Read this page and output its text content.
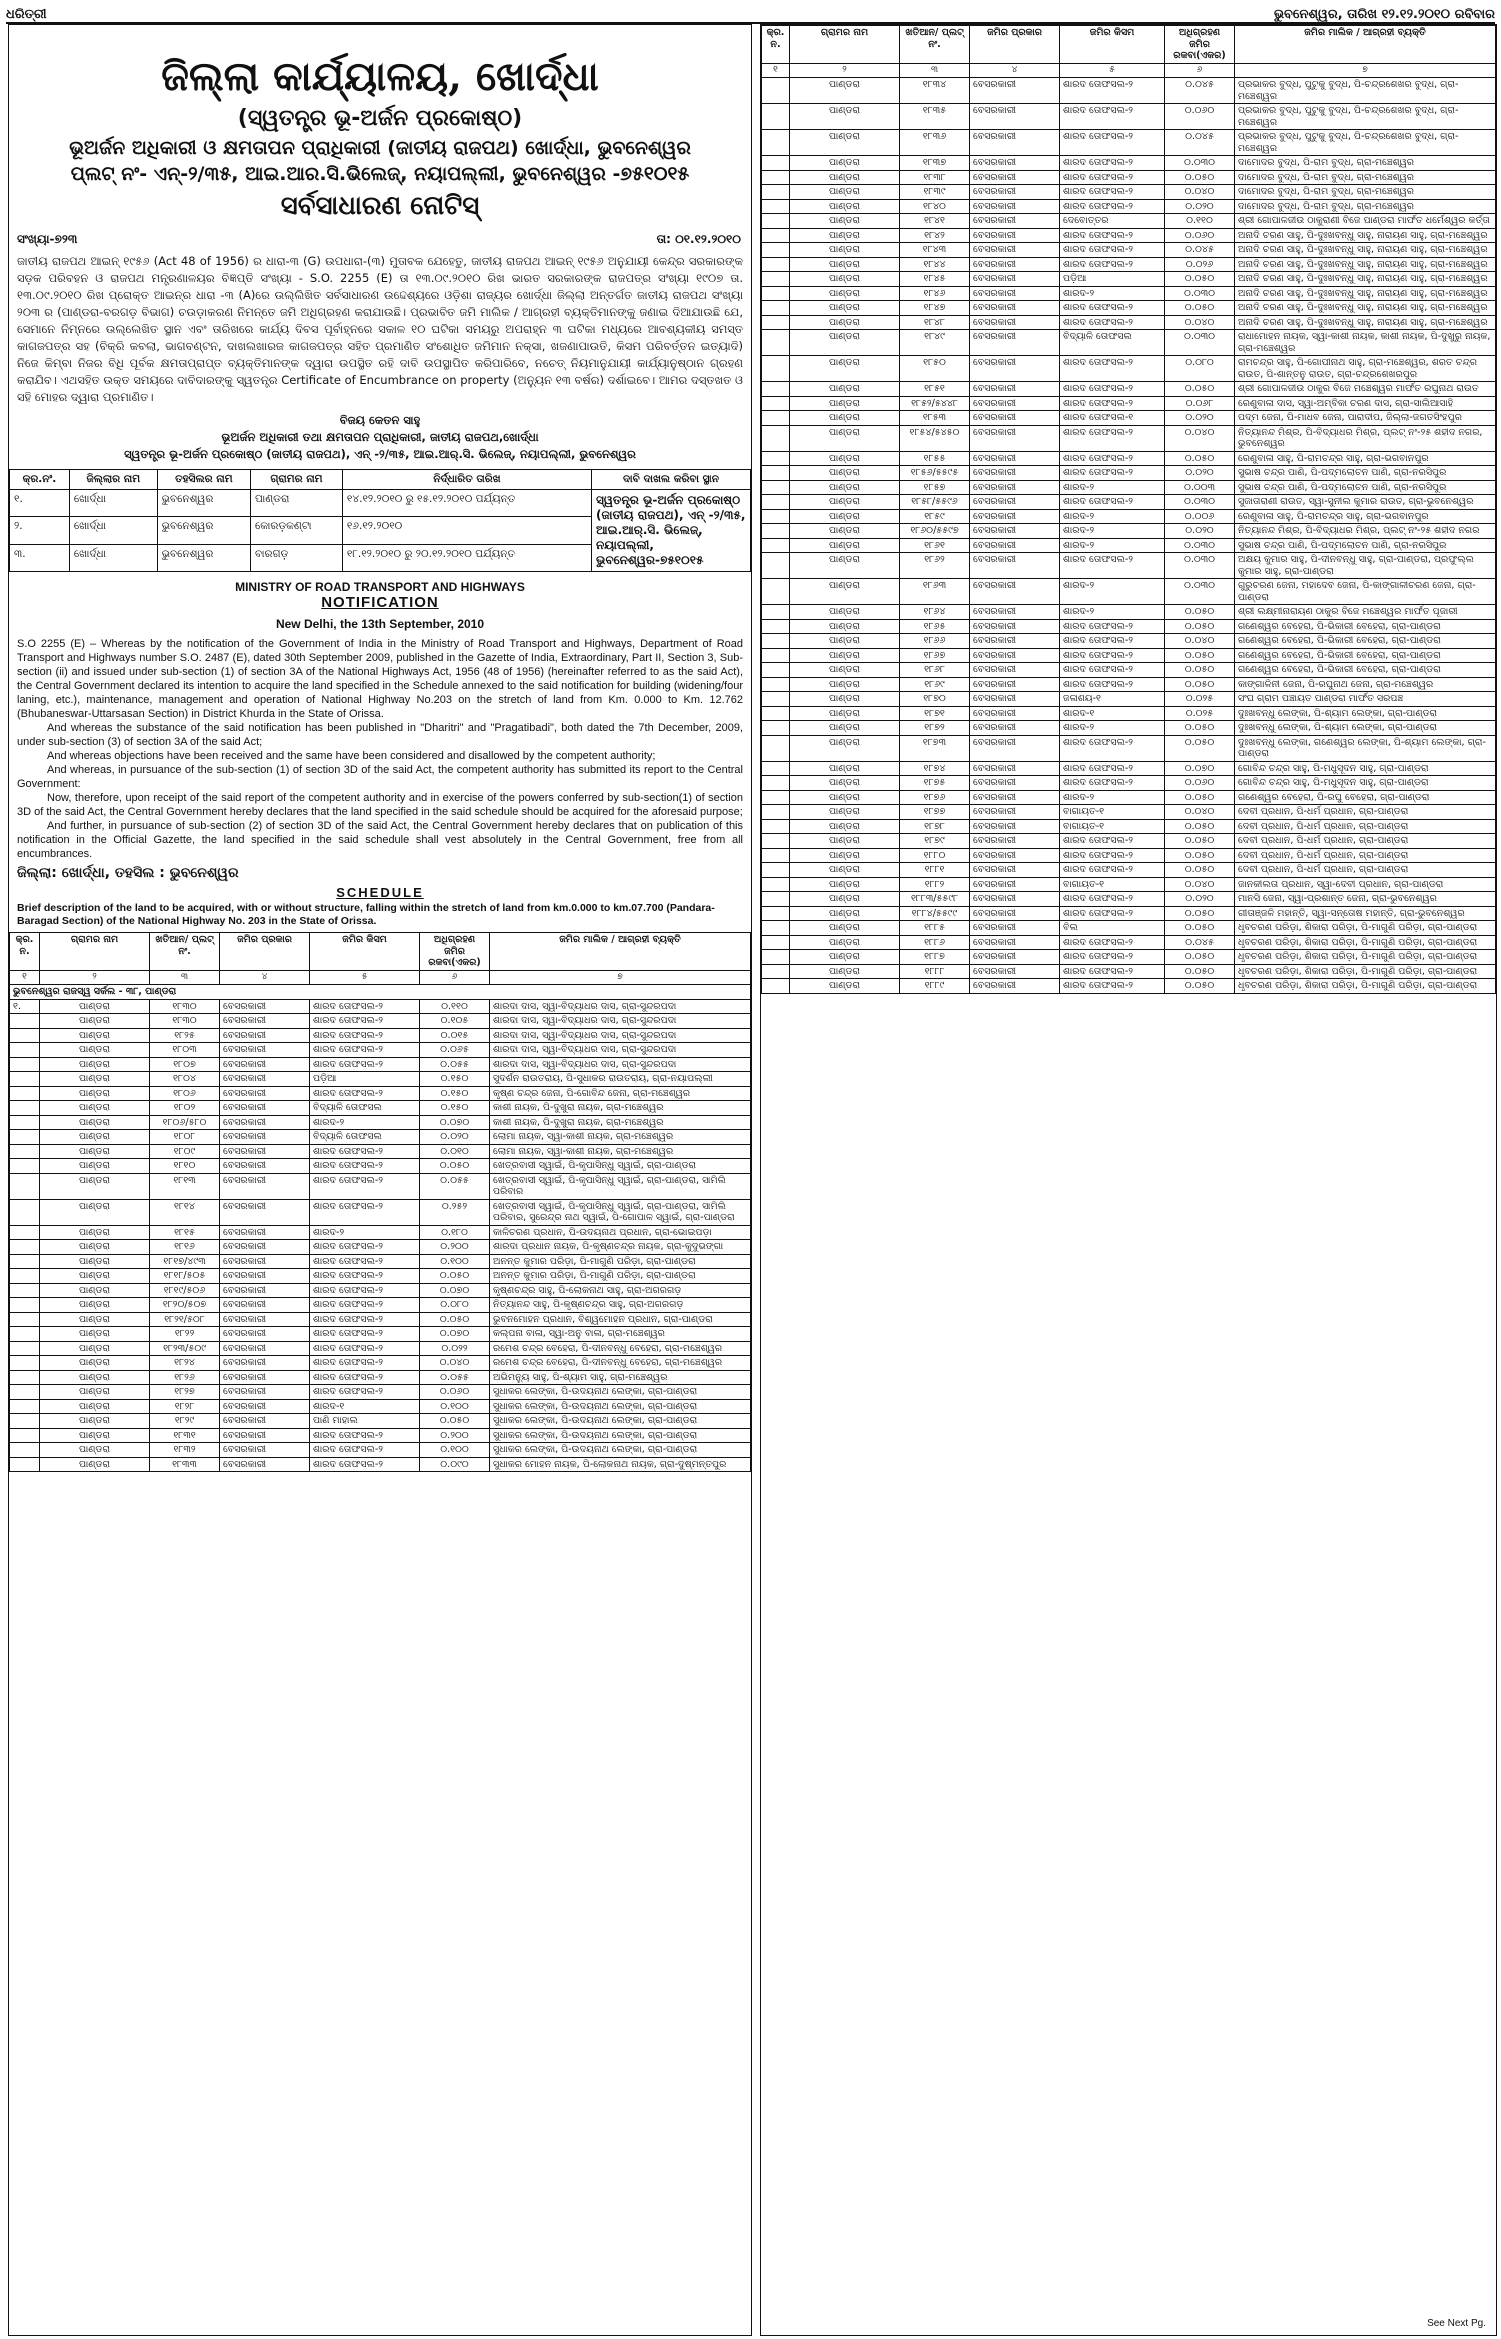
ଧରିତ୍ରୀ	ଭୁବନେଶ୍ୱର, ତାରିଖ ୧୨.୧୨.୨୦୧୦ ରବିବାର
ଜିଲ୍ଲା କାର୍ଯ୍ୟାଳୟ, ଖୋର୍ଦ୍ଧା
(ସ୍ୱତନ୍ତ୍ର ଭୂ-ଅର୍ଜନ ପ୍ରକୋଷ୍ଠ)
ଭୂଅର୍ଜନ ଅଧିକାରୀ ଓ କ୍ଷମତାପନ ପ୍ରାଧିକାରୀ (ଜାତୀୟ ରାଜପଥ) ଖୋର୍ଦ୍ଧା, ଭୁବନେଶ୍ୱର
ପ୍ଲଟ୍ ନଂ- ଏନ୍-୨/୩୫, ଆଇ.ଆର.ସି.ଭିଲେଜ୍, ନୟାପଲ୍ଲୀ, ଭୁବନେଶ୍ୱର -୭୫୧୦୧୫
ସର୍ବସାଧାରଣ ନୋଟିସ୍
ସଂଖ୍ୟା-୭୨୩	ତା: ୦୧.୧୨.୨୦୧୦
ଜାତୀୟ ରାଜପଥ ଆଇନ୍ ୧୯୫୬ (Act 48 of 1956) ର ଧାରା-୩ (G) ଉପଧାରା-(୩) ମୁତାବକ ଯେହେତୁ, ଜାତୀୟ ରାଜପଥ ଆଇନ୍ ୧୯୫୬ ଅନୁଯାୟୀ କେନ୍ଦ୍ର ସରକାରଙ୍କ ସଡ଼କ ପରିବହନ ଓ ରାଜପଥ ମନ୍ତ୍ରଣାଳୟର ବିଜ୍ଞପ୍ତି ସଂଖ୍ୟା - S.O. 2255 (E) ତା ୧୩.୦୯.୨୦୧୦ ରିଖ ଭାରତ ସରକାରଙ୍କ ରାଜପତ୍ର ସଂଖ୍ୟା ୧୯୦୭ ତା. ୧୩.୦୯.୨୦୧୦ ରିଖ ପ୍ରୋକ୍ତ ଆଇନ୍‌ର ଧାରା -୩ (A)ରେ ଉଲ୍ଲିଖିତ ସର୍ବସାଧାରଣ ଉଦ୍ଦେଶ୍ୟରେ ଓଡ଼ିଶା ରାଜ୍ୟର ଖୋର୍ଦ୍ଧା ଜିଲ୍ଲା ଅନ୍ତର୍ଗତ ଜାତୀୟ ରାଜପଥ ସଂଖ୍ୟା ୨୦୩ ର (ପାଣ୍ଡରା-ବରଗଡ଼ ବିଭାଗ) ଚଉଡ଼ାକରଣ ନିମନ୍ତେ ଜମି ଅଧିଗ୍ରହଣ କରାଯାଉଛି। ପ୍ରଭାବିତ ଜମି ମାଲିକ / ଆଗ୍ରହୀ ବ୍ୟକ୍ତିମାନଙ୍କୁ ଜଣାଇ ଦିଆଯାଉଛି ଯେ, ସେମାନେ ନିମ୍ନରେ ଉଲ୍ଲେଖିତ ସ୍ଥାନ ଏବଂ ତାରିଖରେ କାର୍ଯ୍ୟ ଦିବସ ପୂର୍ବାହ୍ନରେ ସକାଳ ୧୦ ଘଟିକା ସମୟରୁ ଅପରାହ୍ନ ୩ ଘଟିକା ମଧ୍ୟରେ ଆବଶ୍ୟକୀୟ ସମସ୍ତ କାଗଜପତ୍ର ସହ (ବିକ୍ରି କବଲା, ଭାଗବଣ୍ଟନ, ଦାଖଲଖାରଜ କାଗଜପତ୍ର ସହିତ ପ୍ରମାଣିତ ସଂଶୋଧିତ ଜମିମାନ ନକ୍ସା, ଖଜଣାପାଉତି, କିସମ ପରିବର୍ତ୍ତନ ଇତ୍ୟାଦି) ନିଜେ କିମ୍ବା ନିଜର ବିଧି ପୂର୍ବକ କ୍ଷମତାପ୍ରାପ୍ତ ବ୍ୟକ୍ତିମାନଙ୍କ ଦ୍ୱାରା ଉପସ୍ଥିତ ରହି ଦାବି ଉପସ୍ଥାପିତ କରିପାରିବେ, ନଚେତ୍ ନିୟମାନୁଯାୟୀ କାର୍ଯ୍ୟାନୁଷ୍ଠାନ ଗ୍ରହଣ କରାଯିବ। ଏଥସହିତ ଉକ୍ତ ସମୟରେ ଦାବିଦାରଙ୍କୁ ସ୍ୱତନ୍ତ୍ର Certificate of Encumbrance on property (ଅନ୍ୟୁନ ୧୩ ବର୍ଷର) ଦର୍ଶାଇବେ। ଆମର ଦସ୍ତଖତ ଓ ସହି ମୋହର ଦ୍ୱାରା ପ୍ରମାଣିତ।
ବିଜୟ କେତନ ସାହୁ
ଭୂଅର୍ଜନ ଅଧିକାରୀ ତଥା କ୍ଷମତାପନ ପ୍ରାଧିକାରୀ, ଜାତୀୟ ରାଜପଥ,ଖୋର୍ଦ୍ଧା
ସ୍ୱତନ୍ତ୍ର ଭୂ-ଅର୍ଜନ ପ୍ରକୋଷ୍ଠ (ଜାତୀୟ ରାଜପଥ), ଏନ୍ -୨/୩୫, ଆଇ.ଆର୍.ସି. ଭିଲେଜ୍, ନୟାପଲ୍ଲୀ, ଭୁବନେଶ୍ୱର
କ୍ର.ନଂ.	ଜିଲ୍ଲାର ନାମ	ତହସିଲର ନାମ	ଗ୍ରାମର ନାମ	ନିର୍ଦ୍ଧାରିତ ତାରିଖ	ଦାବି ଦାଖଲ କରିବା ସ୍ଥାନ
୧.	ଖୋର୍ଦ୍ଧା	ଭୁବନେଶ୍ୱର	ପାଣ୍ଡରା	୧୪.୧୨.୨୦୧୦ ରୁ ୧୫.୧୨.୨୦୧୦ ପର୍ଯ୍ୟନ୍ତ	ସ୍ୱତନ୍ତ୍ର ଭୂ-ଅର୍ଜନ ପ୍ରକୋଷ୍ଠ (ଜାତୀୟ ରାଜପଥ), ଏନ୍ -୨/୩୫, ଆଇ.ଆର୍.ସି. ଭିଲେଜ୍, ନୟାପଲ୍ଲୀ, ଭୁବନେଶ୍ୱର-୭୫୧୦୧୫
୨.	ଖୋର୍ଦ୍ଧା	ଭୁବନେଶ୍ୱର	କୋରଡ଼କଣ୍ଟା	୧୬.୧୨.୨୦୧୦	
୩.	ଖୋର୍ଦ୍ଧା	ଭୁବନେଶ୍ୱର	ବାରଗଡ଼	୧୮.୧୨.୨୦୧୦ ରୁ ୨୦.୧୨.୨୦୧୦ ପର୍ଯ୍ୟନ୍ତ	
MINISTRY OF ROAD TRANSPORT AND HIGHWAYS
NOTIFICATION
New Delhi, the 13th September, 2010

S.O 2255 (E) – Whereas by the notification of the Government of India in the Ministry of Road Transport and Highways, Department of Road Transport and Highways number S.O. 2487 (E), dated 30th September 2009, published in the Gazette of India, Extraordinary, Part II, Section 3, Sub-section (ii) and issued under sub-section (1) of section 3A of the National Highways Act, 1956 (48 of 1956) (hereinafter referred to as the said Act), the Central Government declared its intention to acquire the land specified in the Schedule annexed to the said notification for building (widening/four laning, etc.), maintenance, management and operation of National Highway No.203 on the stretch of land from Km. 0.000 to Km. 12.762 (Bhubaneswar-Uttarsasan Section) in District Khurda in the State of Orissa.

And whereas the substance of the said notification has been published in "Dharitri" and "Pragatibadi", both dated the 7th December, 2009, under sub-section (3) of section 3A of the said Act;

And whereas objections have been received and the same have been considered and disallowed by the competent authority;

And whereas, in pursuance of the sub-section (1) of section 3D of the said Act, the competent authority has submitted its report to the Central Government:

Now, therefore, upon receipt of the said report of the competent authority and in exercise of the powers conferred by sub-section(1) of section 3D of the said Act, the Central Government hereby declares that the land specified in the said schedule should be acquired for the aforesaid purpose;

And further, in pursuance of sub-section (2) of section 3D of the said Act, the Central Government hereby declares that on publication of this notification in the Official Gazette, the land specified in the said schedule shall vest absolutely in the Central Government, free from all encumbrances.

ଜିଲ୍ଲା: ଖୋର୍ଦ୍ଧା, ତହସିଲ : ଭୁବନେଶ୍ୱର
SCHEDULE
Brief description of the land to be acquired, with or without structure, falling within the stretch of land from km.0.000 to km.07.700 (Pandara-Baragad Section) of the National Highway No. 203 in the State of Orissa.
କ୍ର. ନ.	ଗ୍ରାମର ନାମ	ଖତିଆନ/ ପ୍ଲଟ୍ ନଂ.	ଜମିର ପ୍ରକାର	ଜମିର କିସମ	ଅଧିଗ୍ରହଣ ଜମିର ରକବା(ଏକର)	ଜମିର ମାଲିକ / ଆଗ୍ରହୀ ବ୍ୟକ୍ତି
୧	୨	୩	୪	୫	୬	୭
ଭୁବନେଶ୍ୱର ରାଜସ୍ୱ ସର୍କଲ - ୩୮, ପାଣ୍ଡରା						
୧.	ପାଣ୍ଡରା	୧୮୩୦	ବେସରକାରୀ	ଶାରଦ ତୋଫସଲ-୨	୦.୧୧୦	ଶାରଦା ଦାସ, ସ୍ୱା-ବିଦ୍ୟାଧର ଦାସ, ଗ୍ରା-ସୁନ୍ଦରପଦା
	ପାଣ୍ଡରା	୧୮୩୦	ବେସରକାରୀ	ଶାରଦ ତୋଫସଲ-୨	୦.୧୦୫	ଶାରଦା ଦାସ, ସ୍ୱା-ବିଦ୍ୟାଧର ଦାସ, ଗ୍ରା-ସୁନ୍ଦରପଦା
	ପାଣ୍ଡରା	୧୮୨୫	ବେସରକାରୀ	ଶାରଦ ତୋଫସଲ-୨	୦.୦୧୫	ଶାରଦା ଦାସ, ସ୍ୱା-ବିଦ୍ୟାଧର ଦାସ, ଗ୍ରା-ସୁନ୍ଦରପଦା
	ପାଣ୍ଡରା	୧୮୦୩	ବେସରକାରୀ	ଶାରଦ ତୋଫସଲ-୨	୦.୦୬୫	ଶାରଦା ଦାସ, ସ୍ୱା-ବିଦ୍ୟାଧର ଦାସ, ଗ୍ରା-ସୁନ୍ଦରପଦା
	ପାଣ୍ଡରା	୧୮୦୭	ବେସରକାରୀ	ଶାରଦ ତୋଫସଲ-୨	୦.୦୫୫	ଶାରଦା ଦାସ, ସ୍ୱା-ବିଦ୍ୟାଧର ଦାସ, ଗ୍ରା-ସୁନ୍ଦରପଦା
	ପାଣ୍ଡରା	୧୮୦୪	ବେସରକାରୀ	ପଡ଼ିଆ	୦.୧୫୦	ସୁଦର୍ଶନ ରାଉତରାୟ, ପି-ସୁଧାକର ରାଉତରାୟ, ଗ୍ରା-ନୟାପଲ୍ଲୀ
	ପାଣ୍ଡରା	୧୮୦୬	ବେସରକାରୀ	ଶାରଦ ତୋଫସଲ-୨	୦.୧୫୦	କୃଷ୍ଣ ଚନ୍ଦ୍ର ଜେନା, ପି-ଗୋବିନ୍ଦ ଜେନା, ଗ୍ରା-ମଞ୍ଚେଶ୍ୱର
	ପାଣ୍ଡରା	୧୮୦୨	ବେସରକାରୀ	ବିଦ୍ୟାଳି ତୋଫସଲ	୦.୧୫୦	କାଶୀ ନାୟକ, ପି-ଦୁଖୁରା ନାୟକ, ଗ୍ରା-ମଞ୍ଚେଶ୍ୱର
	ପାଣ୍ଡରା	୧୮୦୬/୫୮୦	ବେସରକାରୀ	ଶାରଦ-୨	୦.୦୭୦	କାଶୀ ନାୟକ, ପି-ଦୁଖୁରା ନାୟକ, ଗ୍ରା-ମଞ୍ଚେଶ୍ୱର
	ପାଣ୍ଡରା	୧୮୦୮	ବେସରକାରୀ	ବିଦ୍ୟାଳି ତୋଫସଲ	୦.୦୨୦	ଲୋମା ନାୟକ, ସ୍ୱା-କାଶୀ ନାୟକ, ଗ୍ରା-ମଞ୍ଚେଶ୍ୱର
	ପାଣ୍ଡରା	୧୮୦୯	ବେସରକାରୀ	ଶାରଦ ତୋଫସଲ-୨	୦.୦୧୦	ଲୋମା ନାୟକ, ସ୍ୱା-କାଶୀ ନାୟକ, ଗ୍ରା-ମଞ୍ଚେଶ୍ୱର
	ପାଣ୍ଡରା	୧୮୧୦	ବେସରକାରୀ	ଶାରଦ ତୋଫସଲ-୨	୦.୦୫୦	ଖେତ୍ରବାସୀ ସ୍ୱାଇଁ, ପି-କୃପାସିନ୍ଧୁ ସ୍ୱାଇଁ, ଗ୍ରା-ପାଣ୍ଡରା
	ପାଣ୍ଡରା	୧୮୧୩	ବେସରକାରୀ	ଶାରଦ ତୋଫସଲ-୨	୦.୦୫୫	ଖେତ୍ରବାସୀ ସ୍ୱାଇଁ, ପି-କୃପାସିନ୍ଧୁ ସ୍ୱାଇଁ, ଗ୍ରା-ପାଣ୍ଡରା, ସାମିଲି ପରିବାର
	ପାଣ୍ଡରା	୧୮୧୪	ବେସରକାରୀ	ଶାରଦ ତୋଫସଲ-୨	୦.୨୫୨	ଖେତ୍ରବାସୀ ସ୍ୱାଇଁ, ପି-କୃପାସିନ୍ଧୁ ସ୍ୱାଇଁ, ଗ୍ରା-ପାଣ୍ଡରା, ସାମିଲି ପରିବାର, ସୁରେନ୍ଦ୍ର ନାଥ ସ୍ୱାଇଁ, ପି-ଗୋପାଳ ସ୍ୱାଇଁ, ଗ୍ରା-ପାଣ୍ଡରା
	ପାଣ୍ଡରା	୧୮୧୫	ବେସରକାରୀ	ଶାରଦ-୨	୦.୧୮୦	କାଳିଚରଣ ପ୍ରଧାନ, ପି-ଉଦୟନାଥ ପ୍ରଧାନ, ଗ୍ରା-ଭୋଇପଡ଼ା
	ପାଣ୍ଡରା	୧୮୧୬	ବେସରକାରୀ	ଶାରଦ ତୋଫସଲ-୨	୦.୨୦୦	ଶାରଦା ପ୍ରଧାନ ନାୟକ, ପି-କୃଷ୍ଣଚନ୍ଦ୍ର ନାୟକ, ଗ୍ରା-କୁଦୁଭଙ୍ଗା
	ପାଣ୍ଡରା	୧୮୧୭/୪୯୩	ବେସରକାରୀ	ଶାରଦ ତୋଫସଲ-୨	୦.୧୦୦	ଅନନ୍ତ କୁମାର ପରିଡ଼ା, ପି-ମାଗୁଣି ପରିଡ଼ା, ଗ୍ରା-ପାଣ୍ଡରା
	ପାଣ୍ଡରା	୧୮୧୮/୫୦୫	ବେସରକାରୀ	ଶାରଦ ତୋଫସଲ-୨	୦.୦୫୦	ଅନନ୍ତ କୁମାର ପରିଡ଼ା, ପି-ମାଗୁଣି ପରିଡ଼ା, ଗ୍ରା-ପାଣ୍ଡରା
	ପାଣ୍ଡରା	୧୮୧୯/୫୦୬	ବେସରକାରୀ	ଶାରଦ ତୋଫସଲ-୨	୦.୦୭୦	କୃଷ୍ଣଚନ୍ଦ୍ର ସାହୁ, ପି-ଲୋକନାଥ ସାହୁ, ଗ୍ରା-ଅଗରଗଡ଼
	ପାଣ୍ଡରା	୧୮୨୦/୫୦୭	ବେସରକାରୀ	ଶାରଦ ତୋଫସଲ-୨	୦.୦୮୦	ନିତ୍ୟାନନ୍ଦ ସାହୁ, ପି-କୃଷ୍ଣଚନ୍ଦ୍ର ସାହୁ, ଗ୍ରା-ଅଗରଗଡ଼
	ପାଣ୍ଡରା	୧୮୨୧/୫୦୮	ବେସରକାରୀ	ଶାରଦ ତୋଫସଲ-୨	୦.୦୫୦	ଭୁବନମୋହନ ପ୍ରଧାନ, ବିଶ୍ୱମୋହନ ପ୍ରଧାନ, ଗ୍ରା-ପାଣ୍ଡରା
	ପାଣ୍ଡରା	୧୮୨୨	ବେସରକାରୀ	ଶାରଦ ତୋଫସଲ-୨	୦.୦୭୦	କଲ୍ପନା ବାଳା, ସ୍ୱା-ଅନୁ ବାଳା, ଗ୍ରା-ମଞ୍ଚେଶ୍ୱର
	ପାଣ୍ଡରା	୧୮୨୩/୫୦୯	ବେସରକାରୀ	ଶାରଦ ତୋଫସଲ-୨	୦.୦୨୨	ରମେଶ ଚନ୍ଦ୍ର ବେହେରା, ପି-ଦୀନବନ୍ଧୁ ବେହେରା, ଗ୍ରା-ମଞ୍ଚେଶ୍ୱର
	ପାଣ୍ଡରା	୧୮୨୪	ବେସରକାରୀ	ଶାରଦ ତୋଫସଲ-୨	୦.୦୪୦	ରମେଶ ଚନ୍ଦ୍ର ବେହେରା, ପି-ଦୀନବନ୍ଧୁ ବେହେରା, ଗ୍ରା-ମଞ୍ଚେଶ୍ୱର
	ପାଣ୍ଡରା	୧୮୨୬	ବେସରକାରୀ	ଶାରଦ ତୋଫସଲ-୨	୦.୦୫୫	ଅଭିମନ୍ୟୁ ସାହୁ, ପି-ଶ୍ୟାମ ସାହୁ, ଗ୍ରା-ମଞ୍ଚେଶ୍ୱର
	ପାଣ୍ଡରା	୧୮୨୭	ବେସରକାରୀ	ଶାରଦ ତୋଫସଲ-୨	୦.୦୬୦	ସୁଧାକର ଲେଙ୍କା, ପି-ଉଦୟନାଥ ଲେଙ୍କା, ଗ୍ରା-ପାଣ୍ଡରା
	ପାଣ୍ଡରା	୧୮୨୮	ବେସରକାରୀ	ଶାରଦ-୧	୦.୧୦୦	ସୁଧାକର ଲେଙ୍କା, ପି-ଉଦୟନାଥ ଲେଙ୍କା, ଗ୍ରା-ପାଣ୍ଡରା
	ପାଣ୍ଡରା	୧୮୨୯	ବେସରକାରୀ	ପାଣି ମାହାଲ	୦.୦୫୦	ସୁଧାକର ଲେଙ୍କା, ପି-ଉଦୟନାଥ ଲେଙ୍କା, ଗ୍ରା-ପାଣ୍ଡରା
	ପାଣ୍ଡରା	୧୮୩୧	ବେସରକାରୀ	ଶାରଦ ତୋଫସଲ-୨	୦.୨୦୦	ସୁଧାକର ଲେଙ୍କା, ପି-ଉଦୟନାଥ ଲେଙ୍କା, ଗ୍ରା-ପାଣ୍ଡରା
	ପାଣ୍ଡରା	୧୮୩୨	ବେସରକାରୀ	ଶାରଦ ତୋଫସଲ-୨	୦.୧୦୦	ସୁଧାକର ଲେଙ୍କା, ପି-ଉଦୟନାଥ ଲେଙ୍କା, ଗ୍ରା-ପାଣ୍ଡରା
	ପାଣ୍ଡରା	୧୮୩୩	ବେସରକାରୀ	ଶାରଦ ତୋଫସଲ-୨	୦.୦୯୦	ସୁଧାକର ମୋହନ ନାୟକ, ପି-ଲୋକନାଥ ନାୟକ, ଗ୍ରା-ଦୁଷ୍ମନ୍ତପୁର
କ୍ର. ନ.	ଗ୍ରାମର ନାମ	ଖତିଆନ/ ପ୍ଲଟ୍ ନଂ.	ଜମିର ପ୍ରକାର	ଜମିର କିସମ	ଅଧିଗ୍ରହଣ ଜମିର ରକବା(ଏକର)	ଜମିର ମାଲିକ / ଆଗ୍ରହୀ ବ୍ୟକ୍ତି
୧	୨	୩	୪	୫	୬	୭
	ପାଣ୍ଡରା	୧୮୩୪	ବେସରକାରୀ	ଶାରଦ ତୋଫସଲ-୨	୦.୦୪୫	ପ୍ରଭାକର ବୁଦ୍ଧ, ପୁଟୁକୁ ବୁଦ୍ଧ, ପି-ଚନ୍ଦ୍ରଶେଖର ବୁଦ୍ଧ, ଗ୍ରା-ମଞ୍ଚେଶ୍ୱର
	ପାଣ୍ଡରା	୧୮୩୫	ବେସରକାରୀ	ଶାରଦ ତୋଫସଲ-୨	୦.୦୬୦	ପ୍ରଭାକର ବୁଦ୍ଧ, ପୁଟୁକୁ ବୁଦ୍ଧ, ପି-ଚନ୍ଦ୍ରଶେଖର ବୁଦ୍ଧ, ଗ୍ରା-ମଞ୍ଚେଶ୍ୱର
	ପାଣ୍ଡରା	୧୮୩୬	ବେସରକାରୀ	ଶାରଦ ତୋଫସଲ-୨	୦.୦୪୫	ପ୍ରଭାକର ବୁଦ୍ଧ, ପୁଟୁକୁ ବୁଦ୍ଧ, ପି-ଚନ୍ଦ୍ରଶେଖର ବୁଦ୍ଧ, ଗ୍ରା-ମଞ୍ଚେଶ୍ୱର
	ପାଣ୍ଡରା	୧୮୩୭	ବେସରକାରୀ	ଶାରଦ ତୋଫସଲ-୨	୦.୦୩୦	ଦାମୋଦର ବୁଦ୍ଧ, ପି-ରାମ ବୁଦ୍ଧ, ଗ୍ରା-ମଞ୍ଚେଶ୍ୱର
	ପାଣ୍ଡରା	୧୮୩୮	ବେସରକାରୀ	ଶାରଦ ତୋଫସଲ-୨	୦.୦୫୦	ଦାମୋଦର ବୁଦ୍ଧ, ପି-ରାମ ବୁଦ୍ଧ, ଗ୍ରା-ମଞ୍ଚେଶ୍ୱର
	ପାଣ୍ଡରା	୧୮୩୯	ବେସରକାରୀ	ଶାରଦ ତୋଫସଲ-୨	୦.୦୪୦	ଦାମୋଦର ବୁଦ୍ଧ, ପି-ରାମ ବୁଦ୍ଧ, ଗ୍ରା-ମଞ୍ଚେଶ୍ୱର
	ପାଣ୍ଡରା	୧୮୪୦	ବେସରକାରୀ	ଶାରଦ ତୋଫସଲ-୨	୦.୦୨୦	ଦାମୋଦର ବୁଦ୍ଧ, ପି-ରାମ ବୁଦ୍ଧ, ଗ୍ରା-ମଞ୍ଚେଶ୍ୱର
	ପାଣ୍ଡରା	୧୮୪୧	ବେସରକାରୀ	ଦେବୋତ୍ତର	୦.୧୧୦	ଶ୍ରୀ ଗୋପାଳଜୀଉ ଠାକୁରାଣୀ ବିଜେ ପାଣ୍ଡରା ମାର୍ଫତ ଧର୍ମେଶ୍ୱର କର୍ତ୍ତା
	ପାଣ୍ଡରା	୧୮୪୨	ବେସରକାରୀ	ଶାରଦ ତୋଫସଲ-୨	୦.୦୬୦	ଅନାଦି ଚରଣ ସାହୁ, ପି-ଦୁଃଖବନ୍ଧୁ ସାହୁ, ନାରାୟଣ ସାହୁ, ଗ୍ରା-ମଞ୍ଚେଶ୍ୱର
	ପାଣ୍ଡରା	୧୮୪୩	ବେସରକାରୀ	ଶାରଦ ତୋଫସଲ-୨	୦.୦୪୫	ଅନାଦି ଚରଣ ସାହୁ, ପି-ଦୁଃଖବନ୍ଧୁ ସାହୁ, ନାରାୟଣ ସାହୁ, ଗ୍ରା-ମଞ୍ଚେଶ୍ୱର
	ପାଣ୍ଡରା	୧୮୪୪	ବେସରକାରୀ	ଶାରଦ ତୋଫସଲ-୨	୦.୦୨୬	ଅନାଦି ଚରଣ ସାହୁ, ପି-ଦୁଃଖବନ୍ଧୁ ସାହୁ, ନାରାୟଣ ସାହୁ, ଗ୍ରା-ମଞ୍ଚେଶ୍ୱର
	ପାଣ୍ଡରା	୧୮୪୫	ବେସରକାରୀ	ପଡ଼ିଆ	୦.୦୫୦	ଅନାଦି ଚରଣ ସାହୁ, ପି-ଦୁଃଖବନ୍ଧୁ ସାହୁ, ନାରାୟଣ ସାହୁ, ଗ୍ରା-ମଞ୍ଚେଶ୍ୱର
	ପାଣ୍ଡରା	୧୮୪୬	ବେସରକାରୀ	ଶାରଦ-୨	୦.୦୩୦	ଅନାଦି ଚରଣ ସାହୁ, ପି-ଦୁଃଖବନ୍ଧୁ ସାହୁ, ନାରାୟଣ ସାହୁ, ଗ୍ରା-ମଞ୍ଚେଶ୍ୱର
	ପାଣ୍ଡରା	୧୮୪୭	ବେସରକାରୀ	ଶାରଦ ତୋଫସଲ-୨	୦.୦୫୦	ଅନାଦି ଚରଣ ସାହୁ, ପି-ଦୁଃଖବନ୍ଧୁ ସାହୁ, ନାରାୟଣ ସାହୁ, ଗ୍ରା-ମଞ୍ଚେଶ୍ୱର
	ପାଣ୍ଡରା	୧୮୪୮	ବେସରକାରୀ	ଶାରଦ ତୋଫସଲ-୨	୦.୦୪୦	ଅନାଦି ଚରଣ ସାହୁ, ପି-ଦୁଃଖବନ୍ଧୁ ସାହୁ, ନାରାୟଣ ସାହୁ, ଗ୍ରା-ମଞ୍ଚେଶ୍ୱର
	ପାଣ୍ଡରା	୧୮୪୯	ବେସରକାରୀ	ବିଦ୍ୟାଳି ତୋଫସଲ	୦.୦୩୦	ରାଧାମୋହନ ନାୟକ, ସ୍ୱା-କାଶୀ ନାୟକ, କାଶୀ ନାୟକ, ପି-ଦୁଖୁରୁ ନାୟକ, ଗ୍ରା-ମଞ୍ଚେଶ୍ୱର
	ପାଣ୍ଡରା	୧୮୫୦	ବେସରକାରୀ	ଶାରଦ ତୋଫସଲ-୨	୦.୦୮୦	ରାମଚନ୍ଦ୍ର ସାହୁ, ପି-ଗୋପୀନାଥ ସାହୁ, ଗ୍ରା-ମଞ୍ଚେଶ୍ୱର, ଶରତ ଚନ୍ଦ୍ର ରାଉତ, ପି-ଶାନ୍ତନୁ ରାଉତ, ଗ୍ରା-ଚନ୍ଦ୍ରଶେଖରପୁର
	ପାଣ୍ଡରା	୧୮୫୧	ବେସରକାରୀ	ଶାରଦ ତୋଫସଲ-୨	୦.୦୫୦	ଶ୍ରୀ ଗୋପାଳଜୀଉ ଠାକୁର ବିଜେ ମଞ୍ଚେଶ୍ୱର ମାର୍ଫତ ରଘୁନାଥ ରାଉତ
	ପାଣ୍ଡରା	୧୮୫୨/୫୪୪୮	ବେସରକାରୀ	ଶାରଦ ତୋଫସଲ-୨	୦.୦୬୮	ରେଣୁବାଳା ଦାସ, ସ୍ୱା-ଅମ୍ବିକା ଚରଣ ଦାସ, ଗ୍ରା-ସାଲିଆସାହି
	ପାଣ୍ଡରା	୧୮୫୩	ବେସରକାରୀ	ଶାରଦ ତୋଫସଲ-୧	୦.୦୨୦	ପଦ୍ମ ଜେନା, ପି-ମାଧବ ଜେନା, ପାରାଦୀପ, ଜିଲ୍ଲା-ଜଗତସିଂହପୁର
	ପାଣ୍ଡରା	୧୮୫୪/୫୪୫୦	ବେସରକାରୀ	ଶାରଦ ତୋଫସଲ-୨	୦.୦୪୦	ନିତ୍ୟାନନ୍ଦ ମିଶ୍ର, ପି-ବିଦ୍ୟାଧର ମିଶ୍ର, ପ୍ଲଟ୍ ନଂ-୨୫ ଶହୀଦ ନଗର, ଭୁବନେଶ୍ୱର
	ପାଣ୍ଡରା	୧୮୫୫	ବେସରକାରୀ	ଶାରଦ ତୋଫସଲ-୨	୦.୦୫୦	ରେଣୁବାଳା ସାହୁ, ପି-ରାମଚନ୍ଦ୍ର ସାହୁ, ଗ୍ରା-ଭଗବାନପୁର
	ପାଣ୍ଡରା	୧୮୫୬/୫୫୯୫	ବେସରକାରୀ	ଶାରଦ ତୋଫସଲ-୨	୦.୦୨୦	ସୁଭାଷ ଚନ୍ଦ୍ର ପାଣି, ପି-ପଦ୍ମଲୋଚନ ପାଣି, ଗ୍ରା-ନରସିପୁର
	ପାଣ୍ଡରା	୧୮୫୭	ବେସରକାରୀ	ଶାରଦ-୨	୦.୦୦୩	ସୁଭାଷ ଚନ୍ଦ୍ର ପାଣି, ପି-ପଦ୍ମଲୋଚନ ପାଣି, ଗ୍ରା-ନରସିପୁର
	ପାଣ୍ଡରା	୧୮୫୮/୫୫୯୬	ବେସରକାରୀ	ଶାରଦ ତୋଫସଲ-୨	୦.୦୩୦	ସୁଜାତାରାଣୀ ରାଉତ, ସ୍ୱା-ସୁନୀଲ କୁମାର ରାଉତ, ଗ୍ରା-ଭୁବନେଶ୍ୱର
	ପାଣ୍ଡରା	୧୮୫୯	ବେସରକାରୀ	ଶାରଦ-୨	୦.୦୦୬	ରେଣୁବାଳା ସାହୁ, ପି-ରାମଚନ୍ଦ୍ର ସାହୁ, ଗ୍ରା-ଭଗବାନପୁର
	ପାଣ୍ଡରା	୧୮୬୦/୫୫୯୭	ବେସରକାରୀ	ଶାରଦ-୨	୦.୦୨୦	ନିତ୍ୟାନନ୍ଦ ମିଶ୍ର, ପି-ବିଦ୍ୟାଧର ମିଶ୍ର, ପ୍ଲଟ୍ ନଂ-୨୫ ଶହୀଦ ନଗର
	ପାଣ୍ଡରା	୧୮୬୧	ବେସରକାରୀ	ଶାରଦ-୨	୦.୦୩୦	ସୁଭାଷ ଚନ୍ଦ୍ର ପାଣି, ପି-ପଦ୍ମଲୋଚନ ପାଣି, ଗ୍ରା-ନରସିପୁର
	ପାଣ୍ଡରା	୧୮୬୨	ବେସରକାରୀ	ଶାରଦ ତୋଫସଲ-୨	୦.୦୩୦	ଅକ୍ଷୟ କୁମାର ସାହୁ, ପି-ଦୀନବନ୍ଧୁ ସାହୁ, ଗ୍ରା-ପାଣ୍ଡରା, ପ୍ରଫୁଲ୍ଲ କୁମାର ସାହୁ, ଗ୍ରା-ପାଣ୍ଡରା
	ପାଣ୍ଡରା	୧୮୬୩	ବେସରକାରୀ	ଶାରଦ-୨	୦.୦୩୦	ଗୁରୁଚରଣ ଜେନା, ମହାଦେବ ଜେନା, ପି-କାଙ୍ଗାଳୀଚରଣ ଜେନା, ଗ୍ରା-ପାଣ୍ଡରା
	ପାଣ୍ଡରା	୧୮୬୪	ବେସରକାରୀ	ଶାରଦ-୨	୦.୦୫୦	ଶ୍ରୀ ଲକ୍ଷ୍ମୀନାରାୟଣ ଠାକୁର ବିଜେ ମଞ୍ଚେଶ୍ୱର ମାର୍ଫତ ପୂଜାରୀ
	ପାଣ୍ଡରା	୧୮୬୫	ବେସରକାରୀ	ଶାରଦ ତୋଫସଲ-୨	୦.୦୫୦	ଗଣେଶ୍ୱର ବେହେରା, ପି-ଭିକାରୀ ବେହେରା, ଗ୍ରା-ପାଣ୍ଡରା
	ପାଣ୍ଡରା	୧୮୬୬	ବେସରକାରୀ	ଶାରଦ ତୋଫସଲ-୨	୦.୦୪୦	ଗଣେଶ୍ୱର ବେହେରା, ପି-ଭିକାରୀ ବେହେରା, ଗ୍ରା-ପାଣ୍ଡରା
	ପାଣ୍ଡରା	୧୮୬୭	ବେସରକାରୀ	ଶାରଦ ତୋଫସଲ-୨	୦.୦୫୦	ଗଣେଶ୍ୱର ବେହେରା, ପି-ଭିକାରୀ ବେହେରା, ଗ୍ରା-ପାଣ୍ଡରା
	ପାଣ୍ଡରା	୧୮୬୮	ବେସରକାରୀ	ଶାରଦ ତୋଫସଲ-୨	୦.୦୫୦	ଗଣେଶ୍ୱର ବେହେରା, ପି-ଭିକାରୀ ବେହେରା, ଗ୍ରା-ପାଣ୍ଡରା
	ପାଣ୍ଡରା	୧୮୬୯	ବେସରକାରୀ	ଶାରଦ ତୋଫସଲ-୨	୦.୦୫୦	କାଙ୍ଗାଳିନୀ ଜେନା, ପି-ରଘୁନାଥ ଜେନା, ଗ୍ରା-ମଞ୍ଚେଶ୍ୱର
	ପାଣ୍ଡରା	୧୮୭୦	ବେସରକାରୀ	ଜଳାଶୟ-୧	୦.୦୨୫	ସଂଘ ଗ୍ରାମ ପଞ୍ଚାୟତ ପାଣ୍ଡରା ମାର୍ଫତ ସରପଞ୍ଚ
	ପାଣ୍ଡରା	୧୮୭୧	ବେସରକାରୀ	ଶାରଦ-୧	୦.୦୨୫	ଦୁଃଖବନ୍ଧୁ ଲେଙ୍କା, ପି-ଶ୍ୟାମ ଲେଙ୍କା, ଗ୍ରା-ପାଣ୍ଡରା
	ପାଣ୍ଡରା	୧୮୭୨	ବେସରକାରୀ	ଶାରଦ-୨	୦.୦୫୦	ଦୁଃଖବନ୍ଧୁ ଲେଙ୍କା, ପି-ଶ୍ୟାମ ଲେଙ୍କା, ଗ୍ରା-ପାଣ୍ଡରା
	ପାଣ୍ଡରା	୧୮୭୩	ବେସରକାରୀ	ଶାରଦ ତୋଫସଲ-୨	୦.୦୫୦	ଦୁଃଖବନ୍ଧୁ ଲେଙ୍କା, ଗଣେଶ୍ୱର ଲେଙ୍କା, ପି-ଶ୍ୟାମ ଲେଙ୍କା, ଗ୍ରା-ପାଣ୍ଡରା
	ପାଣ୍ଡରା	୧୮୭୪	ବେସରକାରୀ	ଶାରଦ ତୋଫସଲ-୨	୦.୦୭୦	ଗୋବିନ୍ଦ ଚନ୍ଦ୍ର ସାହୁ, ପି-ମଧୁସୂଦନ ସାହୁ, ଗ୍ରା-ପାଣ୍ଡରା
	ପାଣ୍ଡରା	୧୮୭୫	ବେସରକାରୀ	ଶାରଦ ତୋଫସଲ-୨	୦.୦୬୦	ଗୋବିନ୍ଦ ଚନ୍ଦ୍ର ସାହୁ, ପି-ମଧୁସୂଦନ ସାହୁ, ଗ୍ରା-ପାଣ୍ଡରା
	ପାଣ୍ଡରା	୧୮୭୬	ବେସରକାରୀ	ଶାରଦ-୨	୦.୦୫୦	ଗଣେଶ୍ୱର ବେହେରା, ପି-ରଘୁ ବେହେରା, ଗ୍ରା-ପାଣ୍ଡରା
	ପାଣ୍ଡରା	୧୮୭୭	ବେସରକାରୀ	ବାଗାୟତ-୧	୦.୦୪୦	ଦେବୀ ପ୍ରଧାନ, ପି-ଧର୍ମ ପ୍ରଧାନ, ଗ୍ରା-ପାଣ୍ଡରା
	ପାଣ୍ଡରା	୧୮୭୮	ବେସରକାରୀ	ବାଗାୟତ-୧	୦.୦୫୦	ଦେବୀ ପ୍ରଧାନ, ପି-ଧର୍ମ ପ୍ରଧାନ, ଗ୍ରା-ପାଣ୍ଡରା
	ପାଣ୍ଡରା	୧୮୭୯	ବେସରକାରୀ	ଶାରଦ ତୋଫସଲ-୨	୦.୦୫୦	ଦେବୀ ପ୍ରଧାନ, ପି-ଧର୍ମ ପ୍ରଧାନ, ଗ୍ରା-ପାଣ୍ଡରା
	ପାଣ୍ଡରା	୧୮୮୦	ବେସରକାରୀ	ଶାରଦ ତୋଫସଲ-୨	୦.୦୫୦	ଦେବୀ ପ୍ରଧାନ, ପି-ଧର୍ମ ପ୍ରଧାନ, ଗ୍ରା-ପାଣ୍ଡରା
	ପାଣ୍ଡରା	୧୮୮୧	ବେସରକାରୀ	ଶାରଦ ତୋଫସଲ-୨	୦.୦୫୦	ଦେବୀ ପ୍ରଧାନ, ପି-ଧର୍ମ ପ୍ରଧାନ, ଗ୍ରା-ପାଣ୍ଡରା
	ପାଣ୍ଡରା	୧୮୮୨	ବେସରକାରୀ	ବାଗାୟତ-୧	୦.୦୪୦	ଜାନକୀଲତା ପ୍ରଧାନ, ସ୍ୱା-ଦେବୀ ପ୍ରଧାନ, ଗ୍ରା-ପାଣ୍ଡରା
	ପାଣ୍ଡରା	୧୮୮୩/୫୫୯୮	ବେସରକାରୀ	ଶାରଦ ତୋଫସଲ-୨	୦.୦୨୦	ମାନସି ଜେନା, ସ୍ୱା-ପ୍ରଶାନ୍ତ ଜେନା, ଗ୍ରା-ଭୁବନେଶ୍ୱର
	ପାଣ୍ଡରା	୧୮୮୪/୫୫୯୯	ବେସରକାରୀ	ଶାରଦ ତୋଫସଲ-୨	୦.୦୫୦	ଗୀତାଞ୍ଜଳି ମହାନ୍ତି, ସ୍ୱା-ସନ୍ତୋଷ ମହାନ୍ତି, ଗ୍ରା-ଭୁବନେଶ୍ୱର
	ପାଣ୍ଡରା	୧୮୮୫	ବେସରକାରୀ	ବିଲ	୦.୦୫୦	ଧୃବଚରଣ ପରିଡ଼ା, ଶିକାରା ପରିଡ଼ା, ପି-ମାଗୁଣି ପରିଡ଼ା, ଗ୍ରା-ପାଣ୍ଡରା
	ପାଣ୍ଡରା	୧୮୮୬	ବେସରକାରୀ	ଶାରଦ ତୋଫସଲ-୨	୦.୦୪୫	ଧୃବଚରଣ ପରିଡ଼ା, ଶିକାରା ପରିଡ଼ା, ପି-ମାଗୁଣି ପରିଡ଼ା, ଗ୍ରା-ପାଣ୍ଡରା
	ପାଣ୍ଡରା	୧୮୮୭	ବେସରକାରୀ	ଶାରଦ ତୋଫସଲ-୨	୦.୦୫୦	ଧୃବଚରଣ ପରିଡ଼ା, ଶିକାରା ପରିଡ଼ା, ପି-ମାଗୁଣି ପରିଡ଼ା, ଗ୍ରା-ପାଣ୍ଡରା
	ପାଣ୍ଡରା	୧୮୮୮	ବେସରକାରୀ	ଶାରଦ ତୋଫସଲ-୨	୦.୦୫୦	ଧୃବଚରଣ ପରିଡ଼ା, ଶିକାରା ପରିଡ଼ା, ପି-ମାଗୁଣି ପରିଡ଼ା, ଗ୍ରା-ପାଣ୍ଡରା
	ପାଣ୍ଡରା	୧୮୮୯	ବେସରକାରୀ	ଶାରଦ ତୋଫସଲ-୨	୦.୦୫୦	ଧୃବଚରଣ ପରିଡ଼ା, ଶିକାରା ପରିଡ଼ା, ପି-ମାଗୁଣି ପରିଡ଼ା, ଗ୍ରା-ପାଣ୍ଡରା
See Next Pg.
